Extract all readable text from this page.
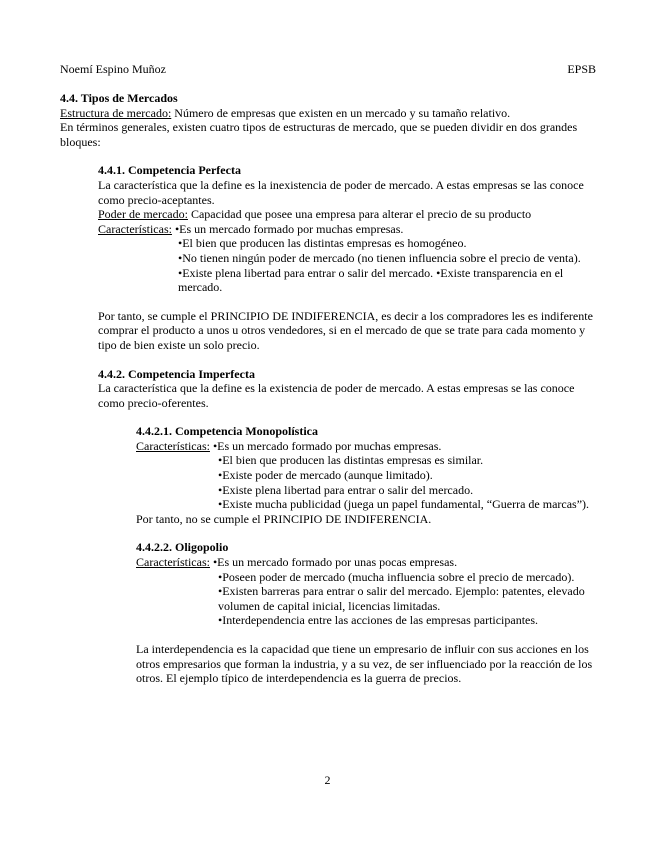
Noemí Espino Muñoz	EPSB

4.4. Tipos de Mercados

Estructura de mercado: Número de empresas que existen en un mercado y su tamaño relativo.

En términos generales, existen cuatro tipos de estructuras de mercado, que se pueden dividir en dos grandes bloques:

4.4.1. Competencia Perfecta

La característica que la define es la inexistencia de poder de mercado. A estas empresas se las conoce como precio-aceptantes.

Poder de mercado: Capacidad que posee una empresa para alterar el precio de su producto

Características: •Es un mercado formado por muchas empresas.
•El bien que producen las distintas empresas es homogéneo.
•No tienen ningún poder de mercado (no tienen influencia sobre el precio de venta).
•Existe plena libertad para entrar o salir del mercado. •Existe transparencia en el mercado.

Por tanto, se cumple el PRINCIPIO DE INDIFERENCIA, es decir a los compradores les es indiferente comprar el producto a unos u otros vendedores, si en el mercado de que se trate para cada momento y tipo de bien existe un solo precio.

4.4.2. Competencia Imperfecta

La característica que la define es la existencia de poder de mercado. A estas empresas se las conoce como precio-oferentes.

4.4.2.1. Competencia Monopolística

Características: •Es un mercado formado por muchas empresas.
•El bien que producen las distintas empresas es similar.
•Existe poder de mercado (aunque limitado).
•Existe plena libertad para entrar o salir del mercado.
•Existe mucha publicidad (juega un papel fundamental, “Guerra de marcas”).

Por tanto, no se cumple el PRINCIPIO DE INDIFERENCIA.

4.4.2.2. Oligopolio

Características: •Es un mercado formado por unas pocas empresas.
•Poseen poder de mercado (mucha influencia sobre el precio de mercado).
•Existen barreras para entrar o salir del mercado. Ejemplo: patentes, elevado volumen de capital inicial, licencias limitadas.
•Interdependencia entre las acciones de las empresas participantes.

La interdependencia es la capacidad que tiene un empresario de influir con sus acciones en los otros empresarios que forman la industria, y a su vez, de ser influenciado por la reacción de los otros. El ejemplo típico de interdependencia es la guerra de precios.

2
